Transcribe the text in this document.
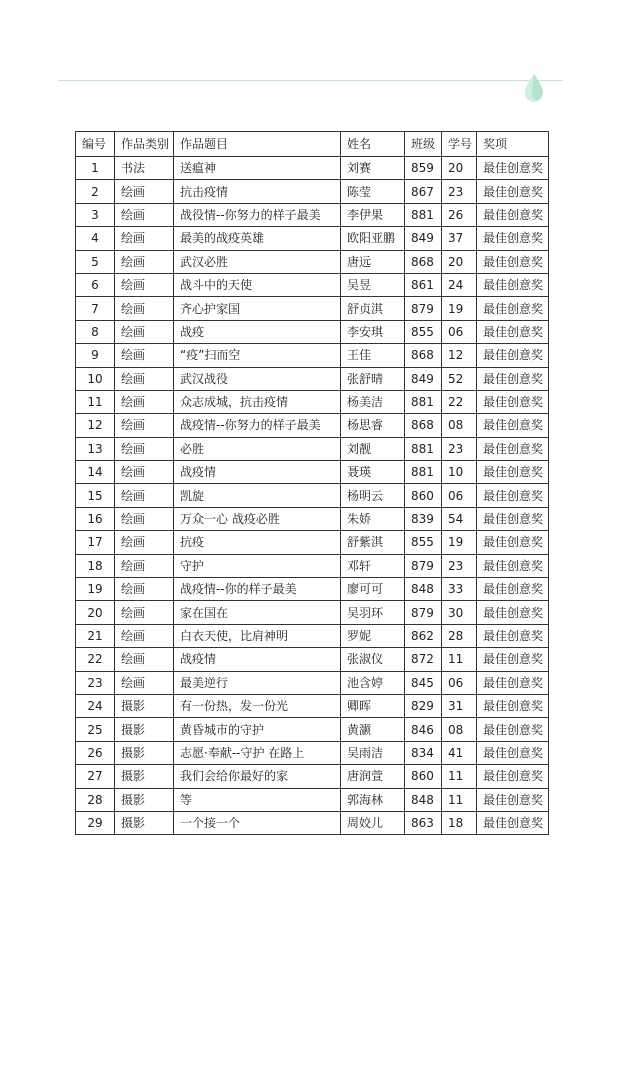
编号	作品类别	作品题目	姓名	班级	学号	奖项
1	书法	送瘟神	刘赛	859	20	最佳创意奖
2	绘画	抗击疫情	陈莹	867	23	最佳创意奖
3	绘画	战役情--你努力的样子最美	李伊果	881	26	最佳创意奖
4	绘画	最美的战疫英雄	欧阳亚鹏	849	37	最佳创意奖
5	绘画	武汉必胜	唐远	868	20	最佳创意奖
6	绘画	战斗中的天使	吴昱	861	24	最佳创意奖
7	绘画	齐心护家国	舒贞淇	879	19	最佳创意奖
8	绘画	战疫	李安琪	855	06	最佳创意奖
9	绘画	“疫”扫而空	王佳	868	12	最佳创意奖
10	绘画	武汉战役	张舒晴	849	52	最佳创意奖
11	绘画	众志成城，抗击疫情	杨美洁	881	22	最佳创意奖
12	绘画	战疫情--你努力的样子最美	杨思睿	868	08	最佳创意奖
13	绘画	必胜	刘靓	881	23	最佳创意奖
14	绘画	战疫情	聂瑛	881	10	最佳创意奖
15	绘画	凯旋	杨明云	860	06	最佳创意奖
16	绘画	万众一心 战疫必胜	朱娇	839	54	最佳创意奖
17	绘画	抗疫	舒紫淇	855	19	最佳创意奖
18	绘画	守护	邓轩	879	23	最佳创意奖
19	绘画	战疫情--你的样子最美	廖可可	848	33	最佳创意奖
20	绘画	家在国在	吴羽环	879	30	最佳创意奖
21	绘画	白衣天使，比肩神明	罗妮	862	28	最佳创意奖
22	绘画	战疫情	张淑仪	872	11	最佳创意奖
23	绘画	最美逆行	池含婷	845	06	最佳创意奖
24	摄影	有一份热，发一份光	卿晖	829	31	最佳创意奖
25	摄影	黄昏城市的守护	黄灏	846	08	最佳创意奖
26	摄影	志愿·奉献--守护 在路上	吴雨洁	834	41	最佳创意奖
27	摄影	我们会给你最好的家	唐润萱	860	11	最佳创意奖
28	摄影	等	郭海林	848	11	最佳创意奖
29	摄影	一个接一个	周姣儿	863	18	最佳创意奖
